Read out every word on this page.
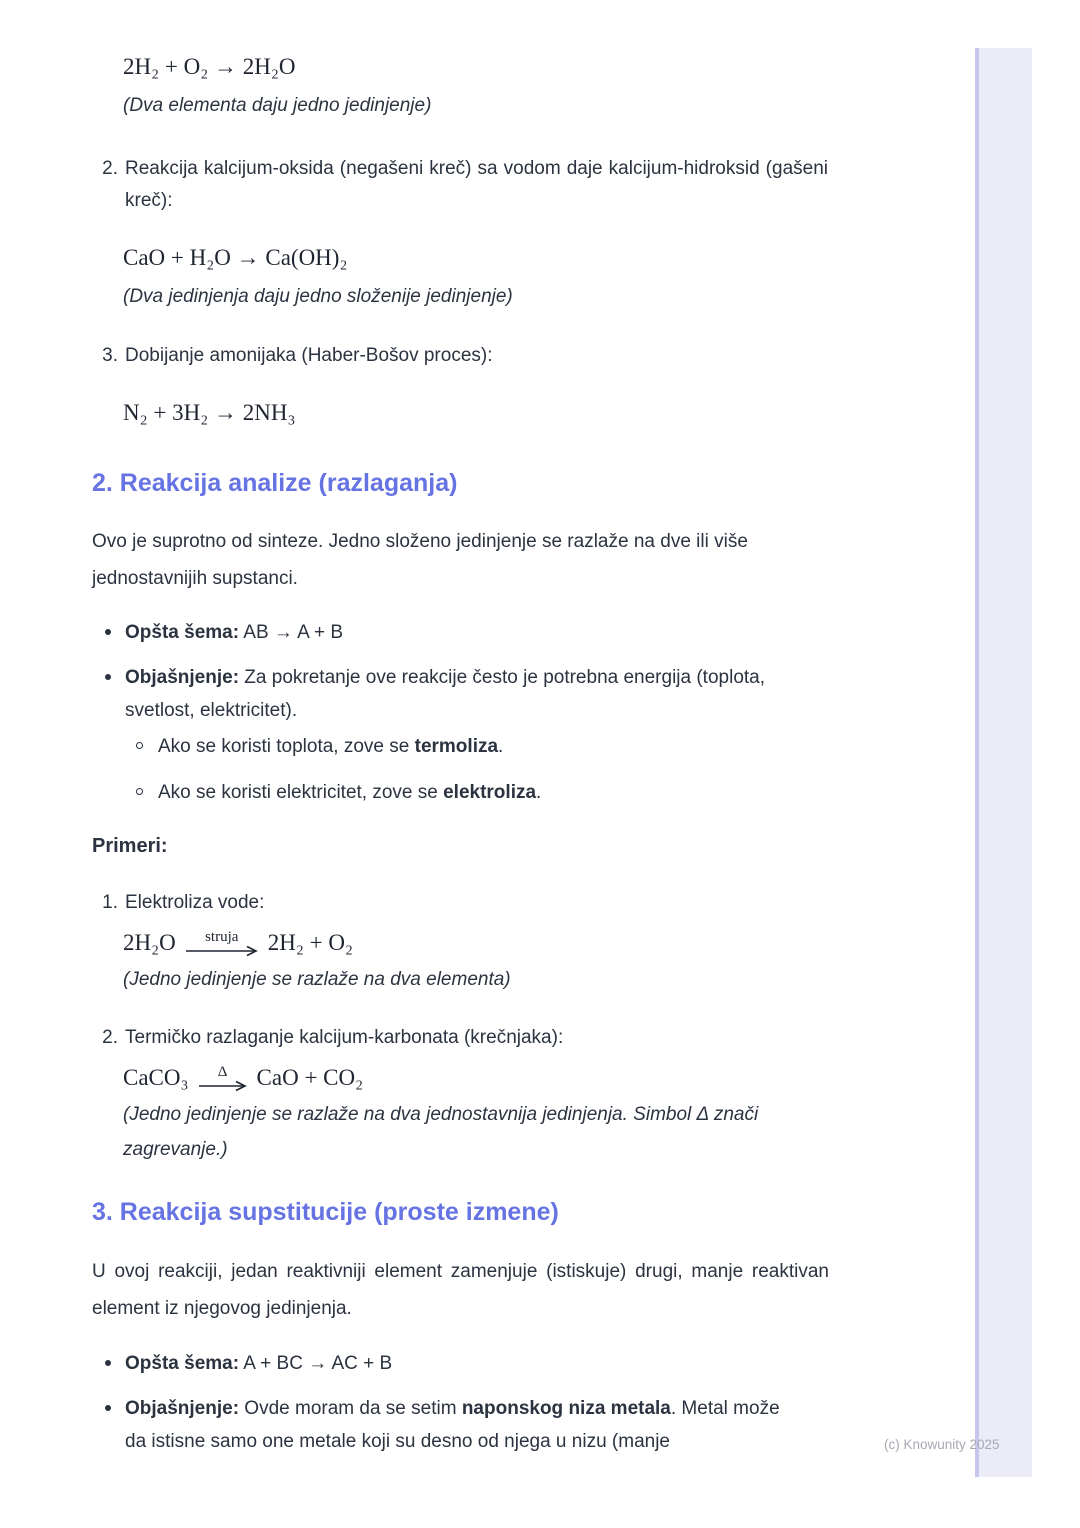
2H₂ + O₂ → 2H₂O
(Dva elementa daju jedno jedinjenje)
2. Reakcija kalcijum-oksida (negašeni kreč) sa vodom daje kalcijum-hidroksid (gašeni kreč):
CaO + H₂O → Ca(OH)₂
(Dva jedinjenja daju jedno složenije jedinjenje)
3. Dobijanje amonijaka (Haber-Bošov proces):
N₂ + 3H₂ → 2NH₃
2. Reakcija analize (razlaganja)

Ovo je suprotno od sinteze. Jedno složeno jedinjenje se razlaže na dve ili više jednostavnijih supstanci.

Opšta šema: AB → A + B
Objašnjenje: Za pokretanje ove reakcije često je potrebna energija (toplota, svetlost, elektricitet).
Ako se koristi toplota, zove se termoliza.
Ako se koristi elektricitet, zove se elektroliza.
Primeri:
1. Elektroliza vode:
2H₂O struja 2H₂ + O₂
(Jedno jedinjenje se razlaže na dva elementa)
2. Termičko razlaganje kalcijum-karbonata (krečnjaka):
CaCO₃ Δ CaO + CO₂
(Jedno jedinjenje se razlaže na dva jednostavnija jedinjenja. Simbol Δ znači zagrevanje.)
3. Reakcija supstitucije (proste izmene)

U ovoj reakciji, jedan reaktivniji element zamenjuje (istiskuje) drugi, manje reaktivan element iz njegovog jedinjenja.

Opšta šema: A + BC → AC + B
Objašnjenje: Ovde moram da se setim naponskog niza metala. Metal može da istisne samo one metale koji su desno od njega u nizu (manje	(c) Knowunity 2025
